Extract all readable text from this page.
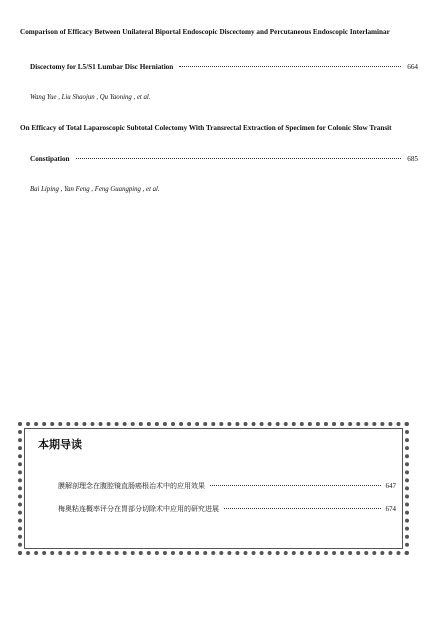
Comparison of Efficacy Between Unilateral Biportal Endoscopic Discectomy and Percutaneous Endoscopic Interlaminar
Discectomy for L5/S1 Lumbar Disc Herniation	664
Wang Yue , Liu Shaojun , Qu Yaoning , et al.
On Efficacy of Total Laparoscopic Subtotal Colectomy With Transrectal Extraction of Specimen for Colonic Slow Transit
Constipation	685
Bai Liping , Yan Feng , Feng Guangping , et al.
本期导读
膜解剖理念在腹腔镜直肠癌根治术中的应用效果	647
梅奥粘连概率评分在胃部分切除术中应用的研究进展	674
